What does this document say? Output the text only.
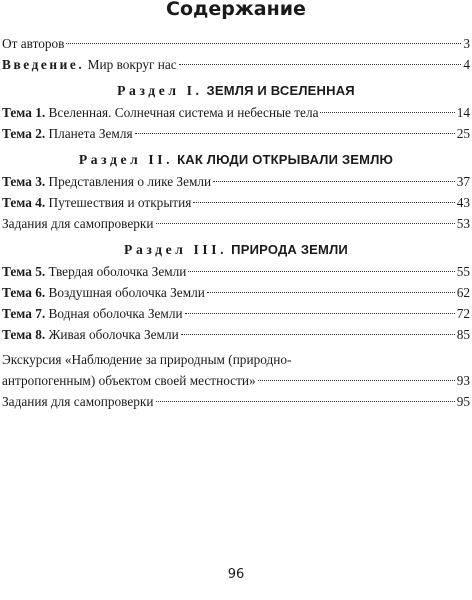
Содержание
От авторов	3
Введение. Мир вокруг нас	4
Раздел I. ЗЕМЛЯ И ВСЕЛЕННАЯ
Тема 1. Вселенная. Солнечная система и небесные тела	14
Тема 2. Планета Земля	25
Раздел II. КАК ЛЮДИ ОТКРЫВАЛИ ЗЕМЛЮ
Тема 3. Представления о лике Земли	37
Тема 4. Путешествия и открытия	43
Задания для самопроверки	53
Раздел III. ПРИРОДА ЗЕМЛИ
Тема 5. Твердая оболочка Земли	55
Тема 6. Воздушная оболочка Земли	62
Тема 7. Водная оболочка Земли	72
Тема 8. Живая оболочка Земли	85
Экскурсия «Наблюдение за природным (природно-
антропогенным) объектом своей местности»	93
Задания для самопроверки	95
96
